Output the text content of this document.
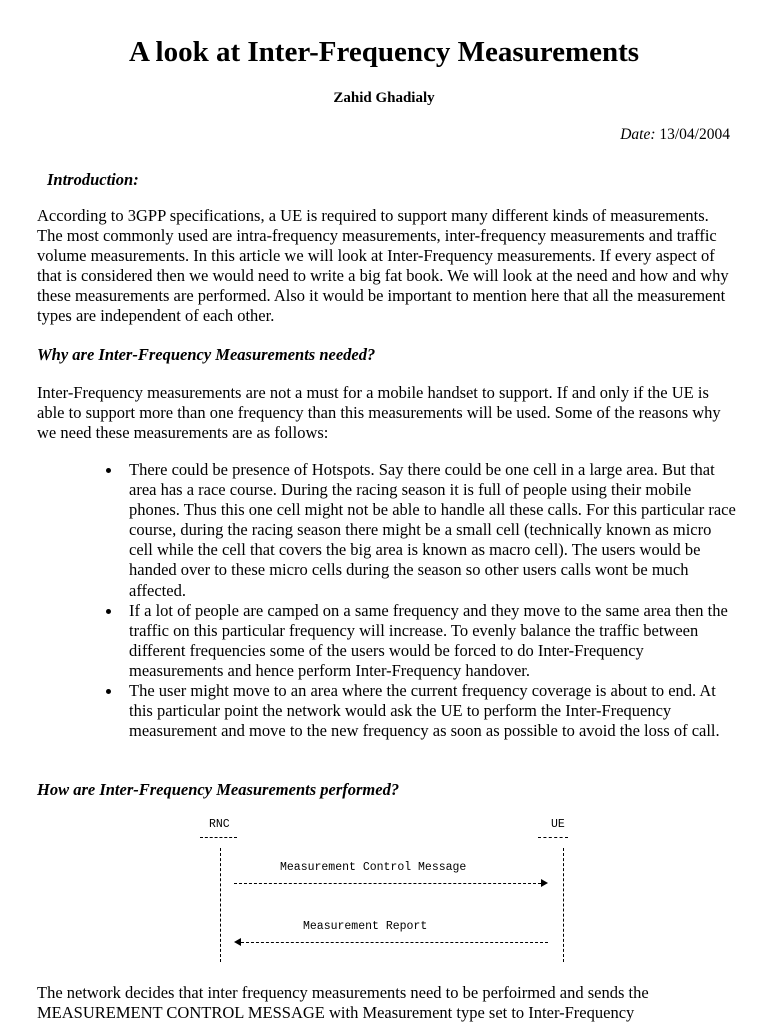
A look at Inter-Frequency Measurements
Zahid Ghadialy
Date: 13/04/2004
Introduction:

According to 3GPP specifications, a UE is required to support many different kinds of measurements. The most commonly used are intra-frequency measurements, inter-frequency measurements and traffic volume measurements. In this article we will look at Inter-Frequency measurements. If every aspect of that is considered then we would need to write a big fat book. We will look at the need and how and why these measurements are performed. Also it would be important to mention here that all the measurement types are independent of each other.

Why are Inter-Frequency Measurements needed?

Inter-Frequency measurements are not a must for a mobile handset to support. If and only if the UE is able to support more than one frequency than this measurements will be used. Some of the reasons why we need these measurements are as follows:

There could be presence of Hotspots. Say there could be one cell in a large area. But that area has a race course. During the racing season it is full of people using their mobile phones. Thus this one cell might not be able to handle all these calls. For this particular race course, during the racing season there might be a small cell (technically known as micro cell while the cell that covers the big area is known as macro cell). The users would be handed over to these micro cells during the season so other users calls wont be much affected.
If a lot of people are camped on a same frequency and they move to the same area then the traffic on this particular frequency will increase. To evenly balance the traffic between different frequencies some of the users would be forced to do Inter-Frequency measurements and hence perform Inter-Frequency handover.
The user might move to an area where the current frequency coverage is about to end. At this particular point the network would ask the UE to perform the Inter-Frequency measurement and move to the new frequency as soon as possible to avoid the loss of call.
How are Inter-Frequency Measurements performed?
RNC	UE
Measurement Control Message
Measurement Report

The network decides that inter frequency measurements need to be perfoirmed and sends the MEASUREMENT CONTROL MESSAGE with Measurement type set to Inter-Frequency
